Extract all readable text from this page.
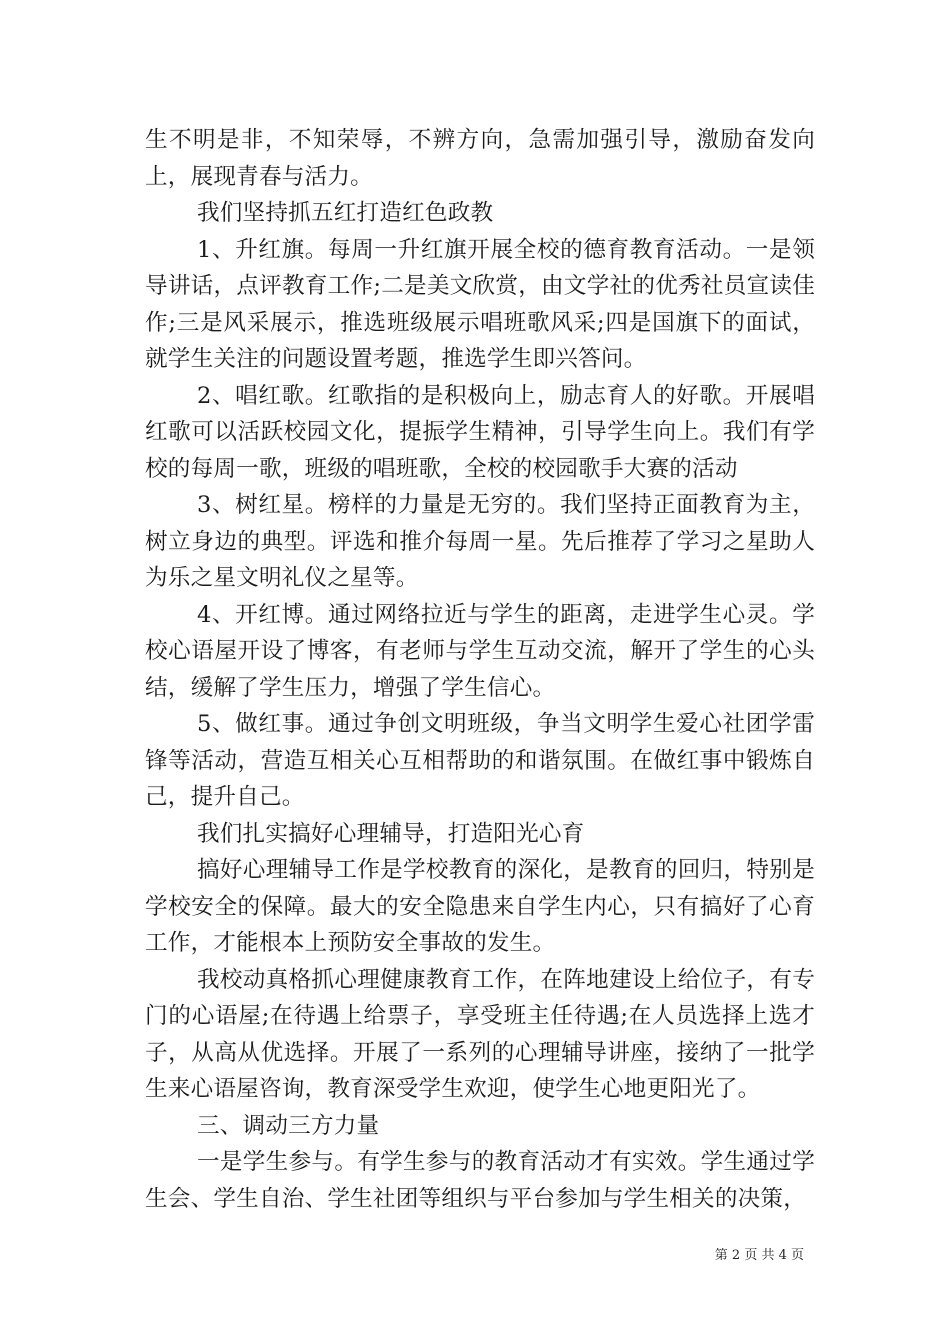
生不明是非，不知荣辱，不辨方向，急需加强引导，激励奋发向上，展现青春与活力。

我们坚持抓五红打造红色政教

1、升红旗。每周一升红旗开展全校的德育教育活动。一是领导讲话，点评教育工作;二是美文欣赏，由文学社的优秀社员宣读佳作;三是风采展示，推选班级展示唱班歌风采;四是国旗下的面试，就学生关注的问题设置考题，推选学生即兴答问。

2、唱红歌。红歌指的是积极向上，励志育人的好歌。开展唱红歌可以活跃校园文化，提振学生精神，引导学生向上。我们有学校的每周一歌，班级的唱班歌，全校的校园歌手大赛的活动

3、树红星。榜样的力量是无穷的。我们坚持正面教育为主，树立身边的典型。评选和推介每周一星。先后推荐了学习之星助人为乐之星文明礼仪之星等。

4、开红博。通过网络拉近与学生的距离，走进学生心灵。学校心语屋开设了博客，有老师与学生互动交流，解开了学生的心头结，缓解了学生压力，增强了学生信心。

5、做红事。通过争创文明班级，争当文明学生爱心社团学雷锋等活动，营造互相关心互相帮助的和谐氛围。在做红事中锻炼自己，提升自己。

我们扎实搞好心理辅导，打造阳光心育

搞好心理辅导工作是学校教育的深化，是教育的回归，特别是学校安全的保障。最大的安全隐患来自学生内心，只有搞好了心育工作，才能根本上预防安全事故的发生。

我校动真格抓心理健康教育工作，在阵地建设上给位子，有专门的心语屋;在待遇上给票子，享受班主任待遇;在人员选择上选才子，从高从优选择。开展了一系列的心理辅导讲座，接纳了一批学生来心语屋咨询，教育深受学生欢迎，使学生心地更阳光了。

三、调动三方力量

一是学生参与。有学生参与的教育活动才有实效。学生通过学生会、学生自治、学生社团等组织与平台参加与学生相关的决策，

第 2 页 共 4 页
